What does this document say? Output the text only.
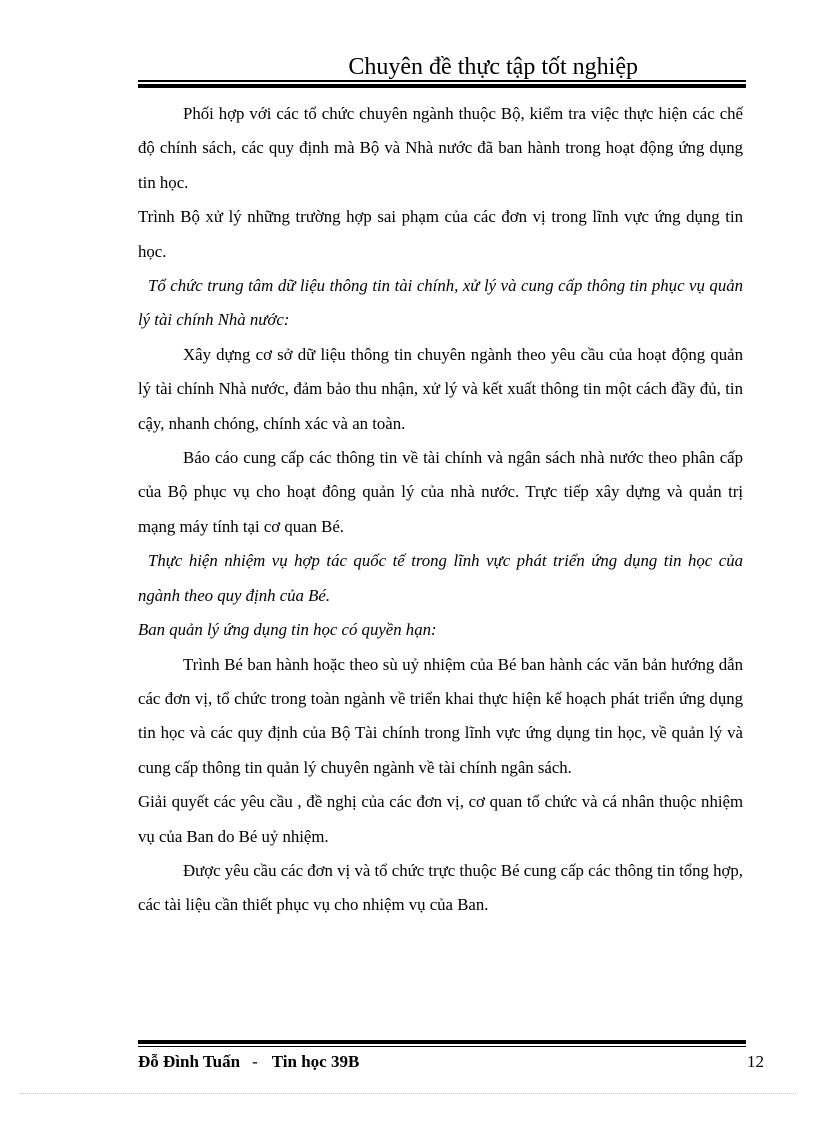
Chuyên đề thực tập tốt nghiệp

Phối hợp với các tổ chức chuyên ngành thuộc Bộ, kiểm tra việc thực hiện các chế độ chính sách, các quy định mà Bộ và Nhà nước đã ban hành trong hoạt động ứng dụng tin học.

Trình Bộ xử lý những trường hợp sai phạm của các đơn vị trong lĩnh vực ứng dụng tin học.

Tổ chức trung tâm dữ liệu thông tin tài chính, xử lý và cung cấp thông tin phục vụ quản lý tài chính Nhà nước:

Xây dựng cơ sở dữ liệu thông tin chuyên ngành theo yêu cầu của hoạt động quản lý tài chính Nhà nước, đảm bảo thu nhận, xử lý và kết xuất thông tin một cách đầy đủ, tin cậy, nhanh chóng, chính xác và an toàn.

Báo cáo cung cấp các thông tin về tài chính và ngân sách nhà nước theo phân cấp của Bộ phục vụ cho hoạt đông quản lý của nhà nước. Trực tiếp xây dựng và quản trị mạng máy tính tại cơ quan Bé.

Thực hiện nhiệm vụ hợp tác quốc tế trong lĩnh vực phát triển ứng dụng tin học của ngành theo quy định của Bé.

Ban quản lý ứng dụng tin học có quyền hạn:

Trình Bé ban hành hoặc theo sù uỷ nhiệm của Bé ban hành các văn bản hướng dẫn các đơn vị, tổ chức trong toàn ngành về triển khai thực hiện kế hoạch phát triển ứng dụng tin học và các quy định của Bộ Tài chính trong lĩnh vực ứng dụng tin học, về quản lý và cung cấp thông tin quản lý chuyên ngành về tài chính ngân sách.

Giải quyết các yêu cầu , đề nghị của các đơn vị, cơ quan tổ chức và cá nhân thuộc nhiệm vụ của Ban do Bé uỷ nhiệm.

Được yêu cầu các đơn vị và tổ chức trực thuộc Bé cung cấp các thông tin tổng hợp, các tài liệu cần thiết phục vụ cho nhiệm vụ của Ban.

Đỗ Đình Tuấn - Tin học 39B	12
